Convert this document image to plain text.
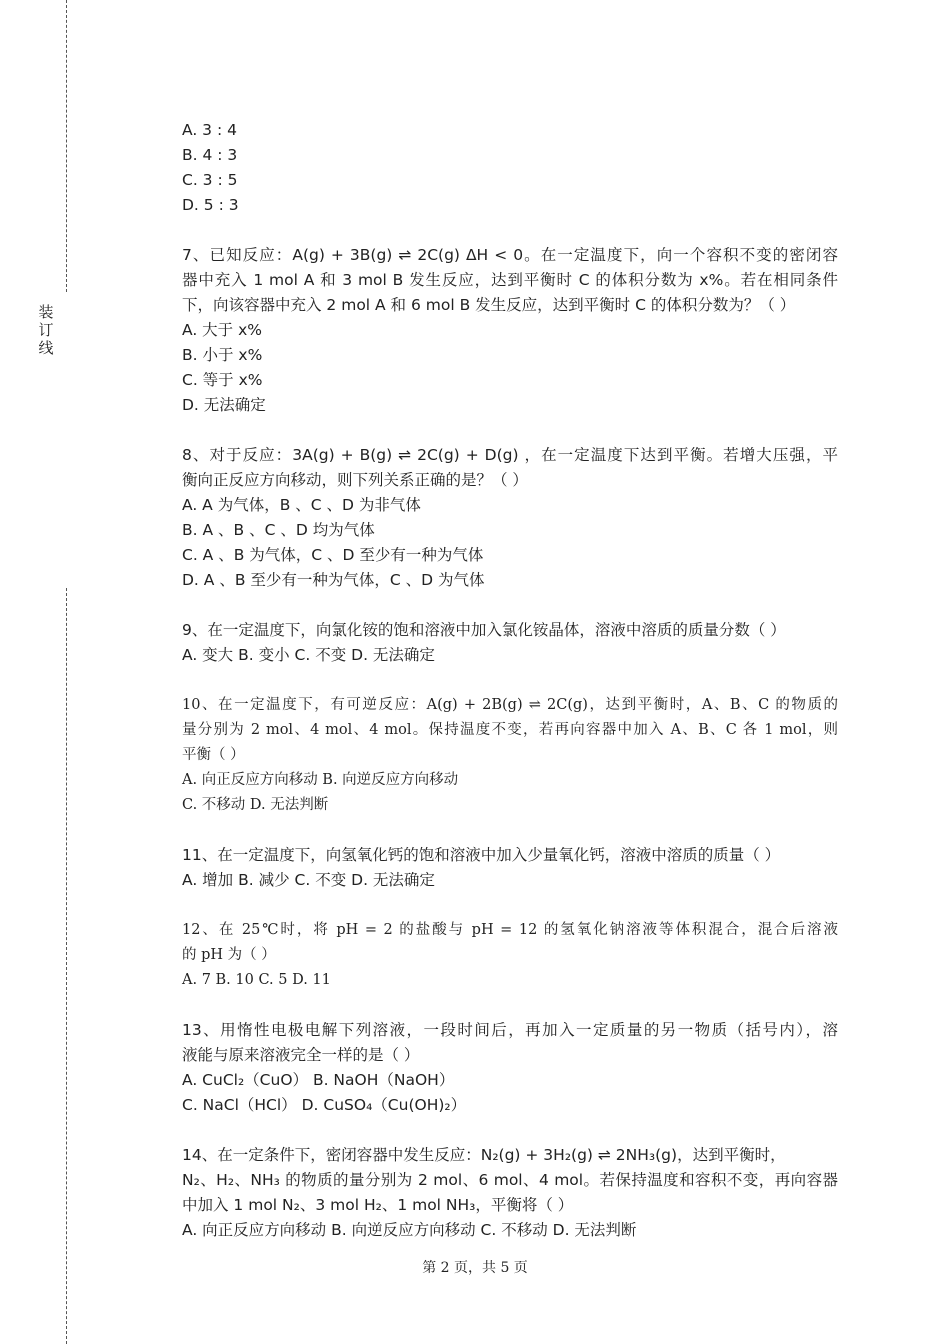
装
订
线
A. 3 : 4
B. 4 : 3
C. 3 : 5
D. 5 : 3
7、已知反应：A(g) + 3B(g) ⇌ 2C(g) ΔH < 0。在一定温度下，向一个容积不变的密闭容
器中充入 1 mol A 和 3 mol B 发生反应，达到平衡时 C 的体积分数为 x%。若在相同条件
下，向该容器中充入 2 mol A 和 6 mol B 发生反应，达到平衡时 C 的体积分数为？（ ）
A. 大于 x%
B. 小于 x%
C. 等于 x%
D. 无法确定
8、对于反应：3A(g) + B(g) ⇌ 2C(g) + D(g) ，在一定温度下达到平衡。若增大压强，平
衡向正反应方向移动，则下列关系正确的是？（ ）
A. A 为气体，B 、C 、D 为非气体
B. A 、B 、C 、D 均为气体
C. A 、B 为气体，C 、D 至少有一种为气体
D. A 、B 至少有一种为气体，C 、D 为气体
9、在一定温度下，向氯化铵的饱和溶液中加入氯化铵晶体，溶液中溶质的质量分数（ ）
A. 变大 B. 变小 C. 不变 D. 无法确定
10、在一定温度下，有可逆反应：A(g) + 2B(g) ⇌ 2C(g)，达到平衡时，A、B、C 的物质的
量分别为 2 mol、4 mol、4 mol。保持温度不变，若再向容器中加入 A、B、C 各 1 mol，则
平衡（ ）
A. 向正反应方向移动 B. 向逆反应方向移动
C. 不移动 D. 无法判断
11、在一定温度下，向氢氧化钙的饱和溶液中加入少量氧化钙，溶液中溶质的质量（ ）
A. 增加 B. 减少 C. 不变 D. 无法确定
12、在 25℃时，将 pH = 2 的盐酸与 pH = 12 的氢氧化钠溶液等体积混合，混合后溶液
的 pH 为（ ）
A. 7 B. 10 C. 5 D. 11
13、用惰性电极电解下列溶液，一段时间后，再加入一定质量的另一物质（括号内），溶
液能与原来溶液完全一样的是（ ）
A. CuCl₂（CuO） B. NaOH（NaOH）
C. NaCl（HCl） D. CuSO₄（Cu(OH)₂）
14、在一定条件下，密闭容器中发生反应：N₂(g) + 3H₂(g) ⇌ 2NH₃(g)，达到平衡时，
N₂、H₂、NH₃ 的物质的量分别为 2 mol、6 mol、4 mol。若保持温度和容积不变，再向容器
中加入 1 mol N₂、3 mol H₂、1 mol NH₃，平衡将（ ）
A. 向正反应方向移动 B. 向逆反应方向移动 C. 不移动 D. 无法判断
第 2 页，共 5 页
